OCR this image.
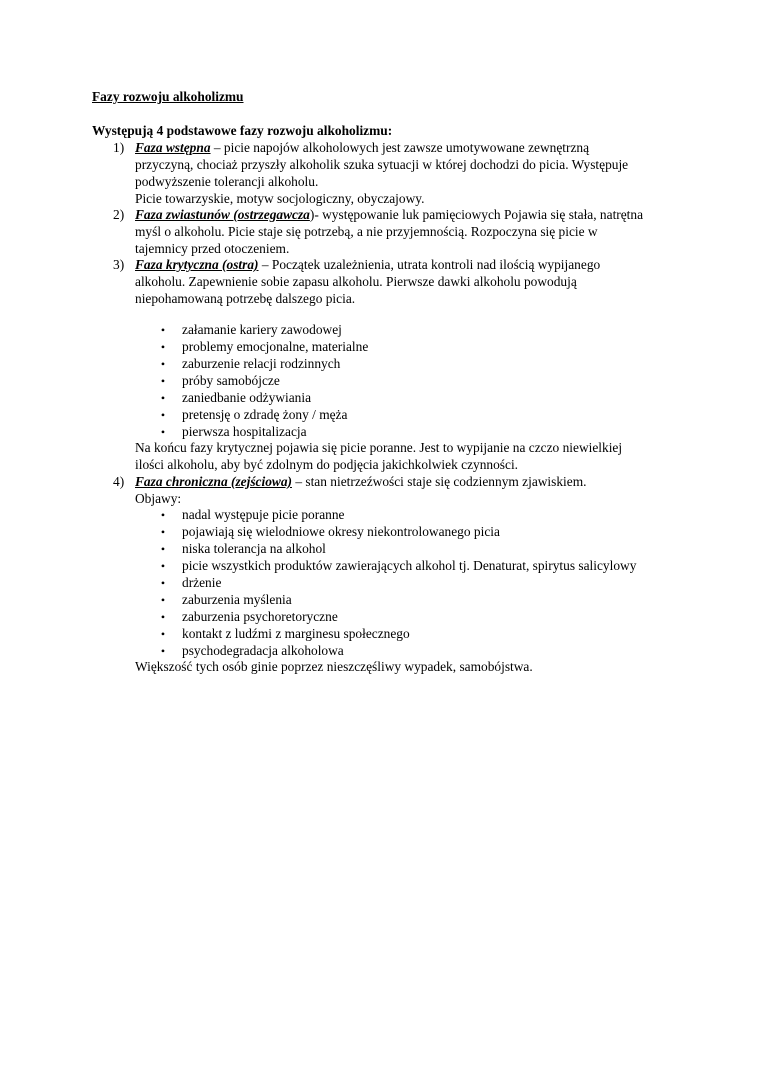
Fazy rozwoju alkoholizmu
Występują 4 podstawowe fazy rozwoju alkoholizmu:
1) Faza wstępna – picie napojów alkoholowych jest zawsze umotywowane zewnętrzną
przyczyną, chociaż przyszły alkoholik szuka sytuacji w której dochodzi do picia. Występuje
podwyższenie tolerancji alkoholu.
Picie towarzyskie, motyw socjologiczny, obyczajowy.
2) Faza zwiastunów (ostrzegawcza)- występowanie luk pamięciowych Pojawia się stała, natrętna
myśl o alkoholu. Picie staje się potrzebą, a nie przyjemnością. Rozpoczyna się picie w
tajemnicy przed otoczeniem.
3) Faza krytyczna (ostra) – Początek uzależnienia, utrata kontroli nad ilością wypijanego
alkoholu. Zapewnienie sobie zapasu alkoholu. Pierwsze dawki alkoholu powodują
niepohamowaną potrzebę dalszego picia.
• załamanie kariery zawodowej
• problemy emocjonalne, materialne
• zaburzenie relacji rodzinnych
• próby samobójcze
• zaniedbanie odżywiania
• pretensję o zdradę żony / męża
• pierwsza hospitalizacja
Na końcu fazy krytycznej pojawia się picie poranne. Jest to wypijanie na czczo niewielkiej
ilości alkoholu, aby być zdolnym do podjęcia jakichkolwiek czynności.
4) Faza chroniczna (zejściowa) – stan nietrzeźwości staje się codziennym zjawiskiem.
Objawy:
• nadal występuje picie poranne
• pojawiają się wielodniowe okresy niekontrolowanego picia
• niska tolerancja na alkohol
• picie wszystkich produktów zawierających alkohol tj. Denaturat, spirytus salicylowy
• drżenie
• zaburzenia myślenia
• zaburzenia psychoretoryczne
• kontakt z ludźmi z marginesu społecznego
• psychodegradacja alkoholowa
Większość tych osób ginie poprzez nieszczęśliwy wypadek, samobójstwa.
